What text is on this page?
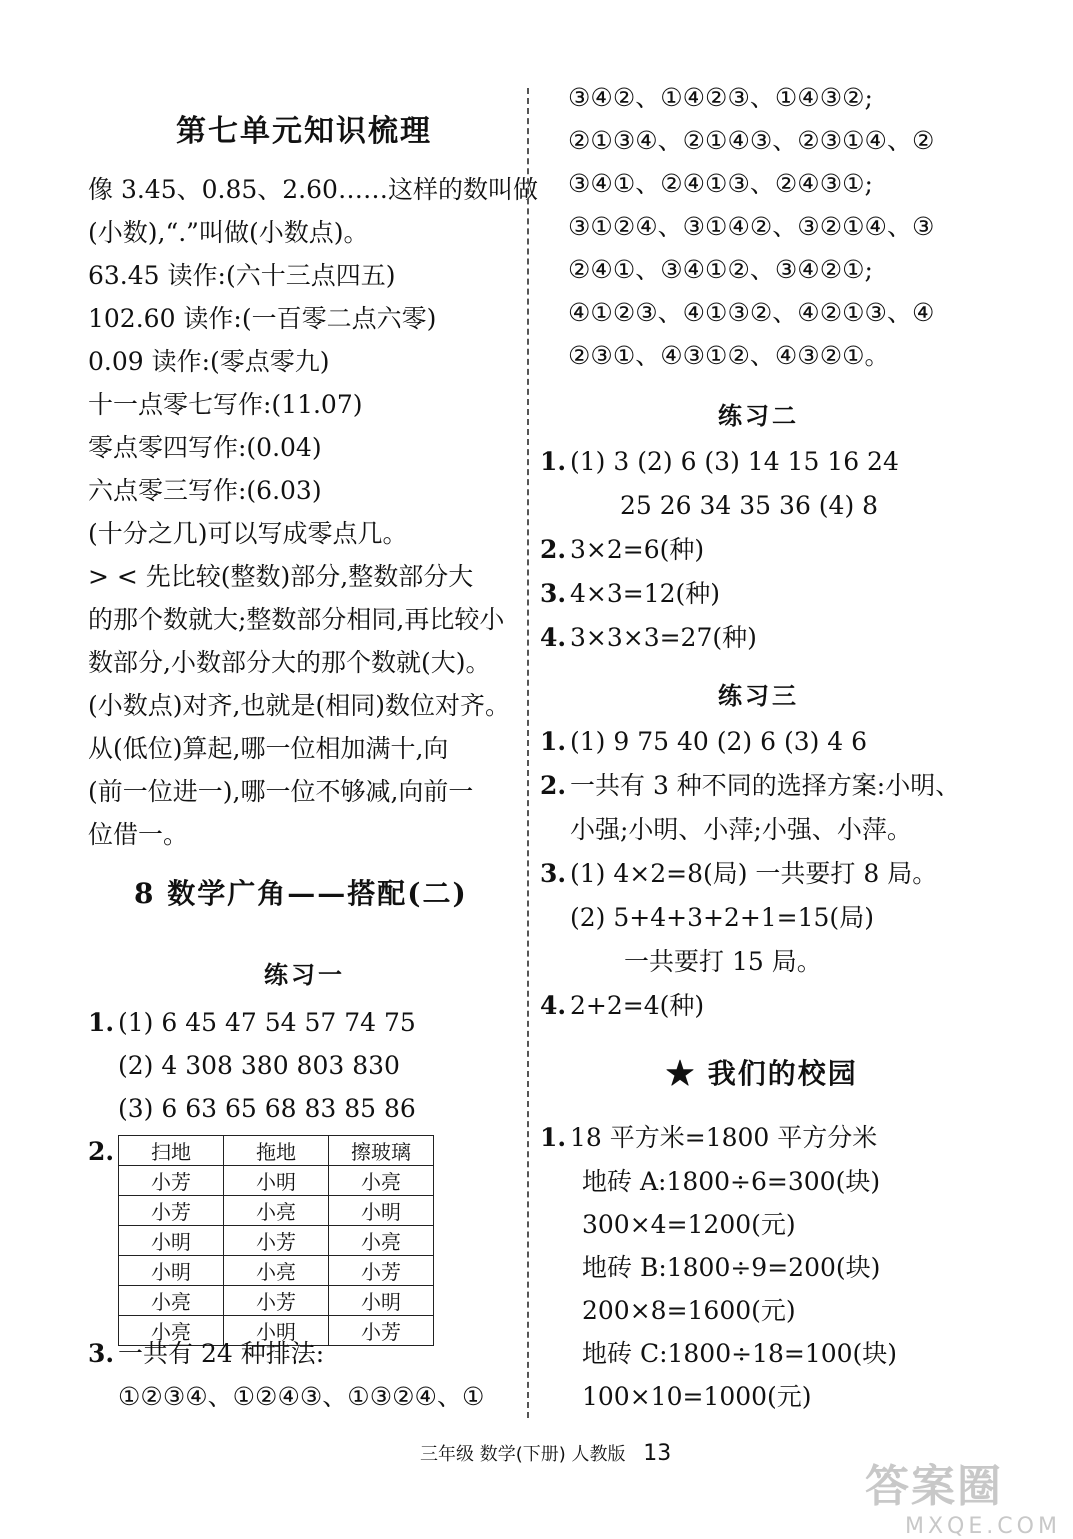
第七单元知识梳理
像 3.45、0.85、2.60……这样的数叫做
(小数),“.”叫做(小数点)。
63.45 读作:(六十三点四五)
102.60 读作:(一百零二点六零)
0.09 读作:(零点零九)
十一点零七写作:(11.07)
零点零四写作:(0.04)
六点零三写作:(6.03)
(十分之几)可以写成零点几。
> < 先比较(整数)部分,整数部分大
的那个数就大;整数部分相同,再比较小
数部分,小数部分大的那个数就(大)。
(小数点)对齐,也就是(相同)数位对齐。
从(低位)算起,哪一位相加满十,向
(前一位进一),哪一位不够减,向前一
位借一。
8 数学广角——搭配(二)
练习一
1. (1) 6 45 47 54 57 74 75
(2) 4 308 380 803 830
(3) 6 63 65 68 83 85 86
2. 扫地	拖地	擦玻璃
小芳	小明	小亮
小芳	小亮	小明
小明	小芳	小亮
小明	小亮	小芳
小亮	小芳	小明
小亮	小明	小芳
3. 一共有 24 种排法:
①②③④、①②④③、①③②④、①
③④②、①④②③、①④③②;
②①③④、②①④③、②③①④、②
③④①、②④①③、②④③①;
③①②④、③①④②、③②①④、③
②④①、③④①②、③④②①;
④①②③、④①③②、④②①③、④
②③①、④③①②、④③②①。
练习二
1. (1) 3 (2) 6 (3) 14 15 16 24
25 26 34 35 36 (4) 8
2. 3×2=6(种)
3. 4×3=12(种)
4. 3×3×3=27(种)
练习三
1. (1) 9 75 40 (2) 6 (3) 4 6
2. 一共有 3 种不同的选择方案:小明、
小强;小明、小萍;小强、小萍。
3. (1) 4×2=8(局) 一共要打 8 局。
(2) 5+4+3+2+1=15(局)
一共要打 15 局。
4. 2+2=4(种)
★ 我们的校园
1. 18 平方米=1800 平方分米
地砖 A:1800÷6=300(块)
300×4=1200(元)
地砖 B:1800÷9=200(块)
200×8=1600(元)
地砖 C:1800÷18=100(块)
100×10=1000(元)
三年级 数学(下册) 人教版 13
答案圈
MXQE.COM
